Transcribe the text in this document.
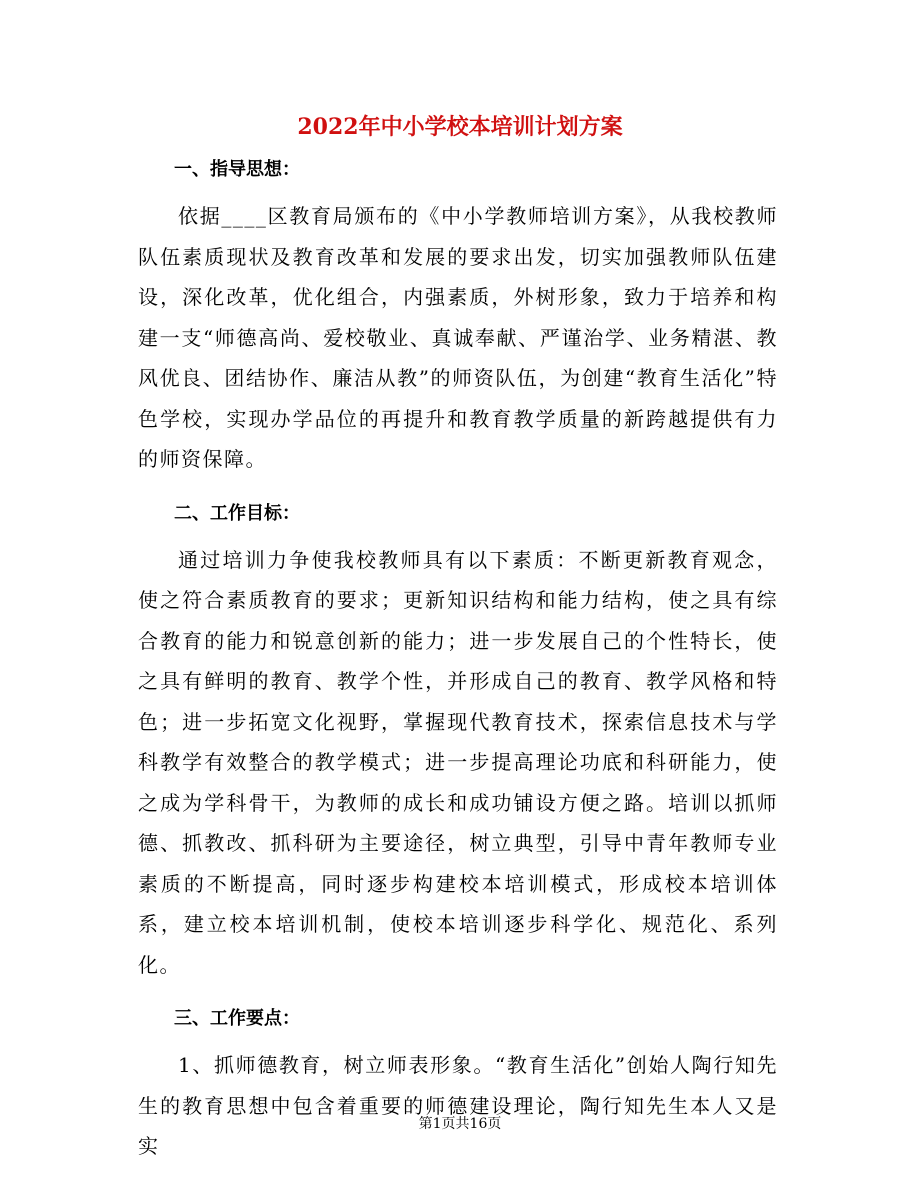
2022年中小学校本培训计划方案
一、指导思想：

依据____区教育局颁布的《中小学教师培训方案》，从我校教师队伍素质现状及教育改革和发展的要求出发，切实加强教师队伍建设，深化改革，优化组合，内强素质，外树形象，致力于培养和构建一支“师德高尚、爱校敬业、真诚奉献、严谨治学、业务精湛、教风优良、团结协作、廉洁从教”的师资队伍，为创建“教育生活化”特色学校，实现办学品位的再提升和教育教学质量的新跨越提供有力的师资保障。

二、工作目标：

通过培训力争使我校教师具有以下素质：不断更新教育观念，使之符合素质教育的要求；更新知识结构和能力结构，使之具有综合教育的能力和锐意创新的能力；进一步发展自己的个性特长，使之具有鲜明的教育、教学个性，并形成自己的教育、教学风格和特色；进一步拓宽文化视野，掌握现代教育技术，探索信息技术与学科教学有效整合的教学模式；进一步提高理论功底和科研能力，使之成为学科骨干，为教师的成长和成功铺设方便之路。培训以抓师德、抓教改、抓科研为主要途径，树立典型，引导中青年教师专业素质的不断提高，同时逐步构建校本培训模式，形成校本培训体系，建立校本培训机制，使校本培训逐步科学化、规范化、系列化。

三、工作要点：

1、抓师德教育，树立师表形象。“教育生活化”创始人陶行知先生的教育思想中包含着重要的师德建设理论，陶行知先生本人又是实

第1页共16页
